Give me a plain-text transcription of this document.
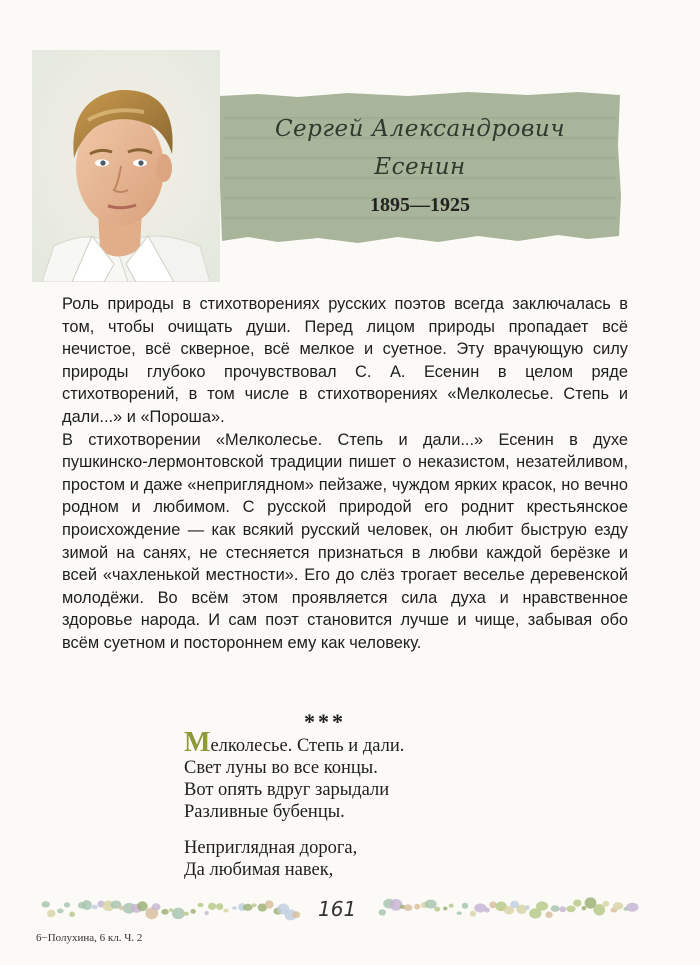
Сергей Александрович
Есенин
1895—1925

Роль природы в стихотворениях русских поэтов всегда заключалась в том, чтобы очищать души. Перед лицом природы пропадает всё нечистое, всё скверное, всё мелкое и суетное. Эту врачующую силу природы глубоко прочувствовал С. А. Есенин в целом ряде стихотворений, в том числе в стихотворениях «Мелколесье. Степь и дали...» и «Пороша».

В стихотворении «Мелколесье. Степь и дали...» Есенин в духе пушкинско-лермонтовской традиции пишет о неказистом, незатейливом, простом и даже «неприглядном» пейзаже, чуждом ярких красок, но вечно родном и любимом. С русской природой его роднит крестьянское происхождение — как всякий русский человек, он любит быструю езду зимой на санях, не стесняется признаться в любви каждой берёзке и всей «чахленькой местности». Его до слёз трогает веселье деревенской молодёжи. Во всём этом проявляется сила духа и нравственное здоровье народа. И сам поэт становится лучше и чище, забывая обо всём суетном и постороннем ему как человеку.

***
Мелколесье. Степь и дали.
Свет луны во все концы.
Вот опять вдруг зарыдали
Разливные бубенцы.
Неприглядная дорога,
Да любимая навек,
161
6−Полухина, 6 кл. Ч. 2
